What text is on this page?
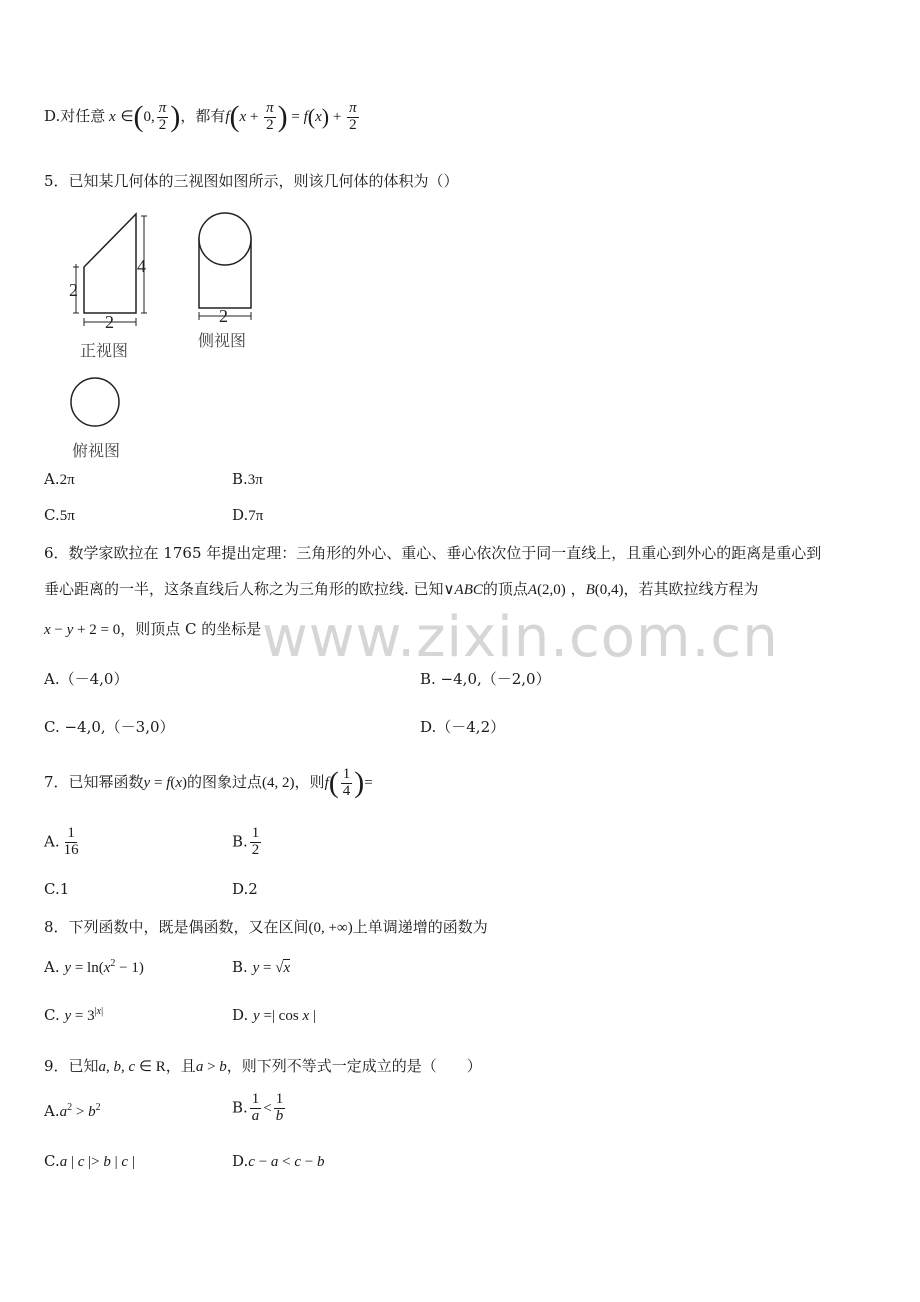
D.对任意 x ∈(0, $\frac{\pi}{2}$ )，都有$f(x + \frac{\pi}{2}$ ) = $f(x) + \frac{\pi}{2}$
5．已知某几何体的三视图如图所示，则该几何体的体积为（）
2
4
2
正视图
2
侧视图
俯视图
A.2π	B.3π
C.5π	D.7π
6．数学家欧拉在 1765 年提出定理：三角形的外心、重心、垂心依次位于同一直线上，且重心到外心的距离是重心到
垂心距离的一半，这条直线后人称之为三角形的欧拉线. 已知∨ABC的顶点A(2,0) ，B(0,4)，若其欧拉线方程为
x − y + 2 = 0，则顶点 C 的坐标是
A.（－4,0）	B. −4,0,（－2,0）
C. −4,0,（－3,0）	D.（－4,2）
7．已知幂函数y = f(x)的图象过点(4, 2)，则$f( \frac{1}{4}$ )=
A. $\frac{1}{16}$	B. $\frac{1}{2}$
C.1	D.2
8．下列函数中，既是偶函数，又在区间(0, +∞)上单调递增的函数为
A. $y = \ln(x^2 - 1)$	B. y = √x
C. $y = 3^{|x|}$	D. y =| cos x |
9．已知a, b, c ∈ R，且a > b，则下列不等式一定成立的是（　　）
$A.a^2 > b^2$	B. $\frac{1}{a} < \frac{1}{b}$
C.a | c |> b | c |	D.c − a < c − b
www.zixin.com.cn
